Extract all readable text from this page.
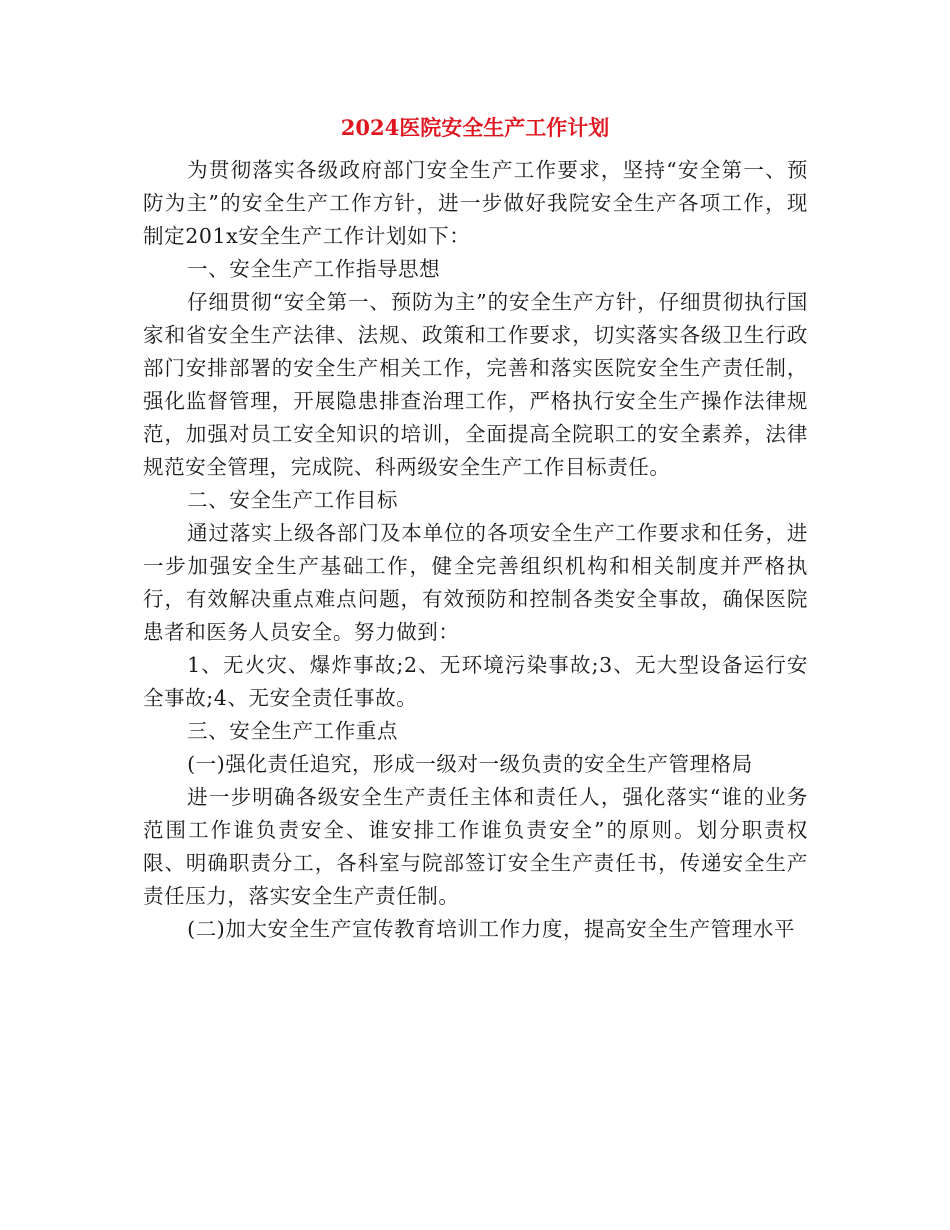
2024医院安全生产工作计划

为贯彻落实各级政府部门安全生产工作要求，坚持“安全第一、预防为主”的安全生产工作方针，进一步做好我院安全生产各项工作，现制定201x安全生产工作计划如下：

一、安全生产工作指导思想

仔细贯彻“安全第一、预防为主”的安全生产方针，仔细贯彻执行国家和省安全生产法律、法规、政策和工作要求，切实落实各级卫生行政部门安排部署的安全生产相关工作，完善和落实医院安全生产责任制，强化监督管理，开展隐患排查治理工作，严格执行安全生产操作法律规范，加强对员工安全知识的培训，全面提高全院职工的安全素养，法律规范安全管理，完成院、科两级安全生产工作目标责任。

二、安全生产工作目标

通过落实上级各部门及本单位的各项安全生产工作要求和任务，进一步加强安全生产基础工作，健全完善组织机构和相关制度并严格执行，有效解决重点难点问题，有效预防和控制各类安全事故，确保医院患者和医务人员安全。努力做到：

1、无火灾、爆炸事故;2、无环境污染事故;3、无大型设备运行安全事故;4、无安全责任事故。

三、安全生产工作重点

(一)强化责任追究，形成一级对一级负责的安全生产管理格局

进一步明确各级安全生产责任主体和责任人，强化落实“谁的业务范围工作谁负责安全、谁安排工作谁负责安全”的原则。划分职责权限、明确职责分工，各科室与院部签订安全生产责任书，传递安全生产责任压力，落实安全生产责任制。

(二)加大安全生产宣传教育培训工作力度，提高安全生产管理水平
